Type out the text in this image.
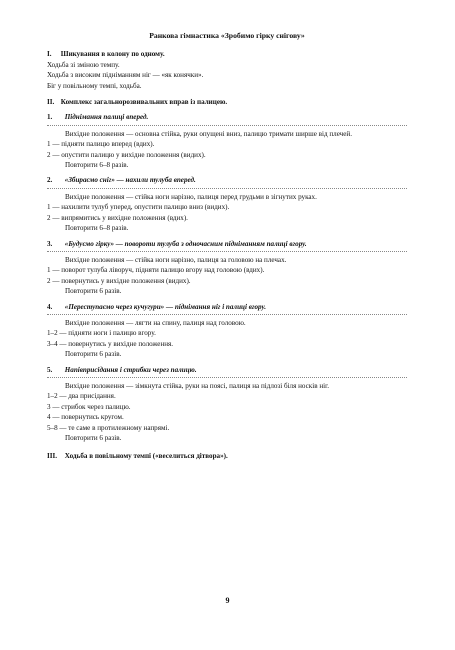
Ранкова гімнастика «Зробимо гірку снігову»
I. Шикування в колону по одному.
Ходьба зі зміною темпу.
Ходьба з високим підніманням ніг — «як конячки».
Біг у повільному темпі, ходьба.
II. Комплекс загальнорозвивальних вправ із палицею.
1. Піднімання палиці вперед.
Вихідне положення — основна стійка, руки опущені вниз, палицю тримати ширше від плечей.
1 — підняти палицю вперед (вдих).
2 — опустити палицю у вихідне положення (видих).
Повторити 6–8 разів.
2. «Збираємо сніг» — нахили тулуба вперед.
Вихідне положення — стійка ноги нарізно, палиця перед грудьми в зігнутих руках.
1 — нахилити тулуб уперед, опустити палицю вниз (видих).
2 — випрямитись у вихідне положення (вдих).
Повторити 6–8 разів.
3. «Будуємо гірку» — повороти тулуба з одночасним підніманням палиці вгору.
Вихідне положення — стійка ноги нарізно, палиця за головою на плечах.
1 — поворот тулуба ліворуч, підняти палицю вгору над головою (вдих).
2 — повернутись у вихідне положення (видих).
Повторити 6 разів.
4. «Переступаємо через кучугури» — піднімання ніг і палиці вгору.
Вихідне положення — лягти на спину, палиця над головою.
1–2 — підняти ноги і палицю вгору.
3–4 — повернутись у вихідне положення.
Повторити 6 разів.
5. Напівприсідання і стрибки через палицю.
Вихідне положення — зімкнута стійка, руки на поясі, палиця на підлозі біля носків ніг.
1–2 — два присідання.
3 — стрибок через палицю.
4 — повернутись кругом.
5–8 — те саме в протилежному напрямі.
Повторити 6 разів.
III. Ходьба в повільному темпі («веселиться дітвора»).
9
